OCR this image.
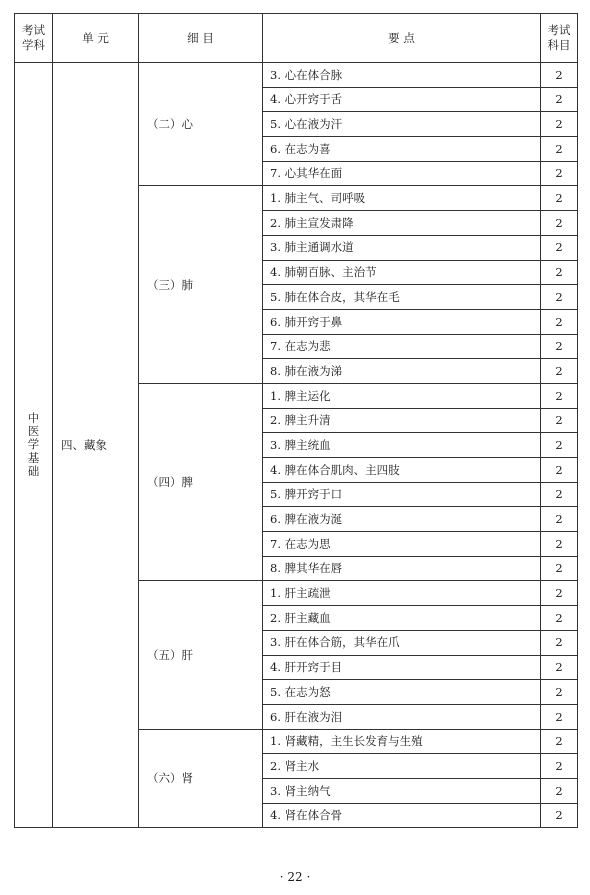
考试学科	单 元	细 目	要 点	考试科目
中医学基础	四、藏象	（二）心	3. 心在体合脉	2
			4. 心开窍于舌	2
			5. 心在液为汗	2
			6. 在志为喜	2
			7. 心其华在面	2
		（三）肺	1. 肺主气、司呼吸	2
			2. 肺主宣发肃降	2
			3. 肺主通调水道	2
			4. 肺朝百脉、主治节	2
			5. 肺在体合皮，其华在毛	2
			6. 肺开窍于鼻	2
			7. 在志为悲	2
			8. 肺在液为涕	2
		（四）脾	1. 脾主运化	2
			2. 脾主升清	2
			3. 脾主统血	2
			4. 脾在体合肌肉、主四肢	2
			5. 脾开窍于口	2
			6. 脾在液为涎	2
			7. 在志为思	2
			8. 脾其华在唇	2
		（五）肝	1. 肝主疏泄	2
			2. 肝主藏血	2
			3. 肝在体合筋，其华在爪	2
			4. 肝开窍于目	2
			5. 在志为怒	2
			6. 肝在液为泪	2
		（六）肾	1. 肾藏精，主生长发育与生殖	2
			2. 肾主水	2
			3. 肾主纳气	2
			4. 肾在体合骨	2
· 22 ·
